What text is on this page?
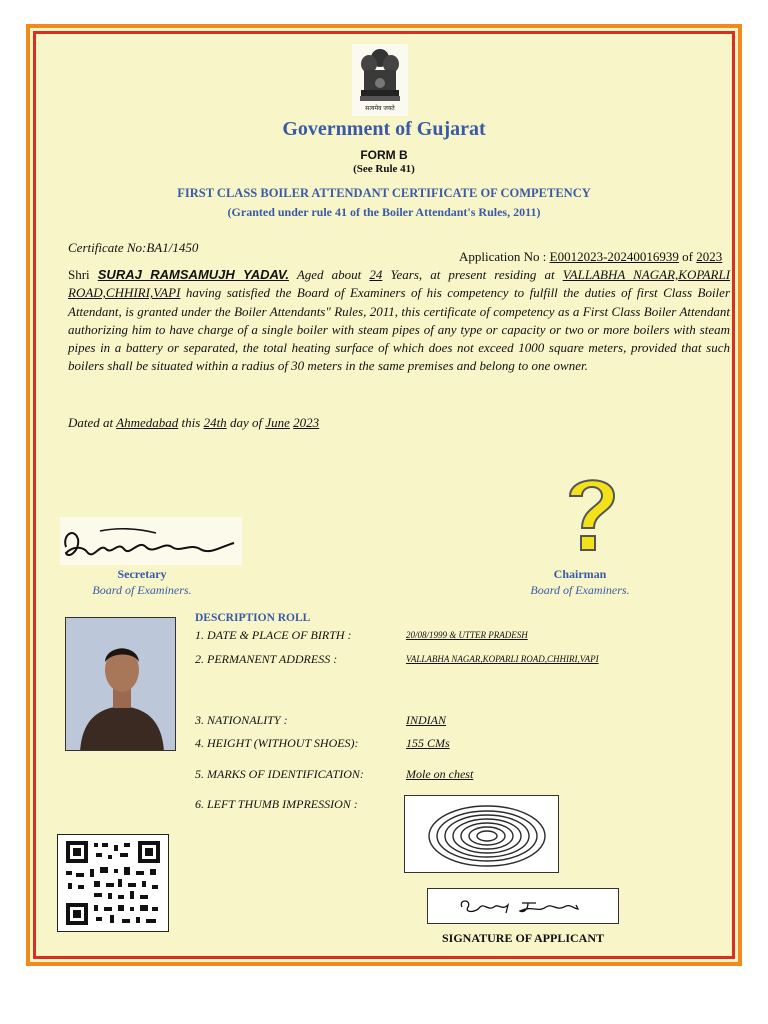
सत्यमेव जयते
Government of Gujarat
FORM B
(See Rule 41)
FIRST CLASS BOILER ATTENDANT CERTIFICATE OF COMPETENCY
(Granted under rule 41 of the Boiler Attendant's Rules, 2011)
Certificate No:BA1/1450
Application No : E0012023-20240016939 of 2023
Shri SURAJ RAMSAMUJH YADAV. Aged about 24 Years, at present residing at VALLABHA NAGAR,KOPARLI ROAD,CHHIRI,VAPI having satisfied the Board of Examiners of his competency to fulfill the duties of first Class Boiler Attendant, is granted under the Boiler Attendants" Rules, 2011, this certificate of competency as a First Class Boiler Attendant authorizing him to have charge of a single boiler with steam pipes of any type or capacity or two or more boilers with steam pipes in a battery or separated, the total heating surface of which does not exceed 1000 square meters, provided that such boilers shall be situated within a radius of 30 meters in the same premises and belong to one owner.
Dated at Ahmedabad this 24th day of June 2023
Secretary
Board of Examiners.
Chairman
Board of Examiners.
DESCRIPTION ROLL
1. DATE & PLACE OF BIRTH :	20/08/1999 & UTTER PRADESH
2. PERMANENT ADDRESS :	VALLABHA NAGAR,KOPARLI ROAD,CHHIRI,VAPI
3. NATIONALITY :	INDIAN
4. HEIGHT (WITHOUT SHOES):	155 CMs
5. MARKS OF IDENTIFICATION:	Mole on chest
6. LEFT THUMB IMPRESSION :
SIGNATURE OF APPLICANT
